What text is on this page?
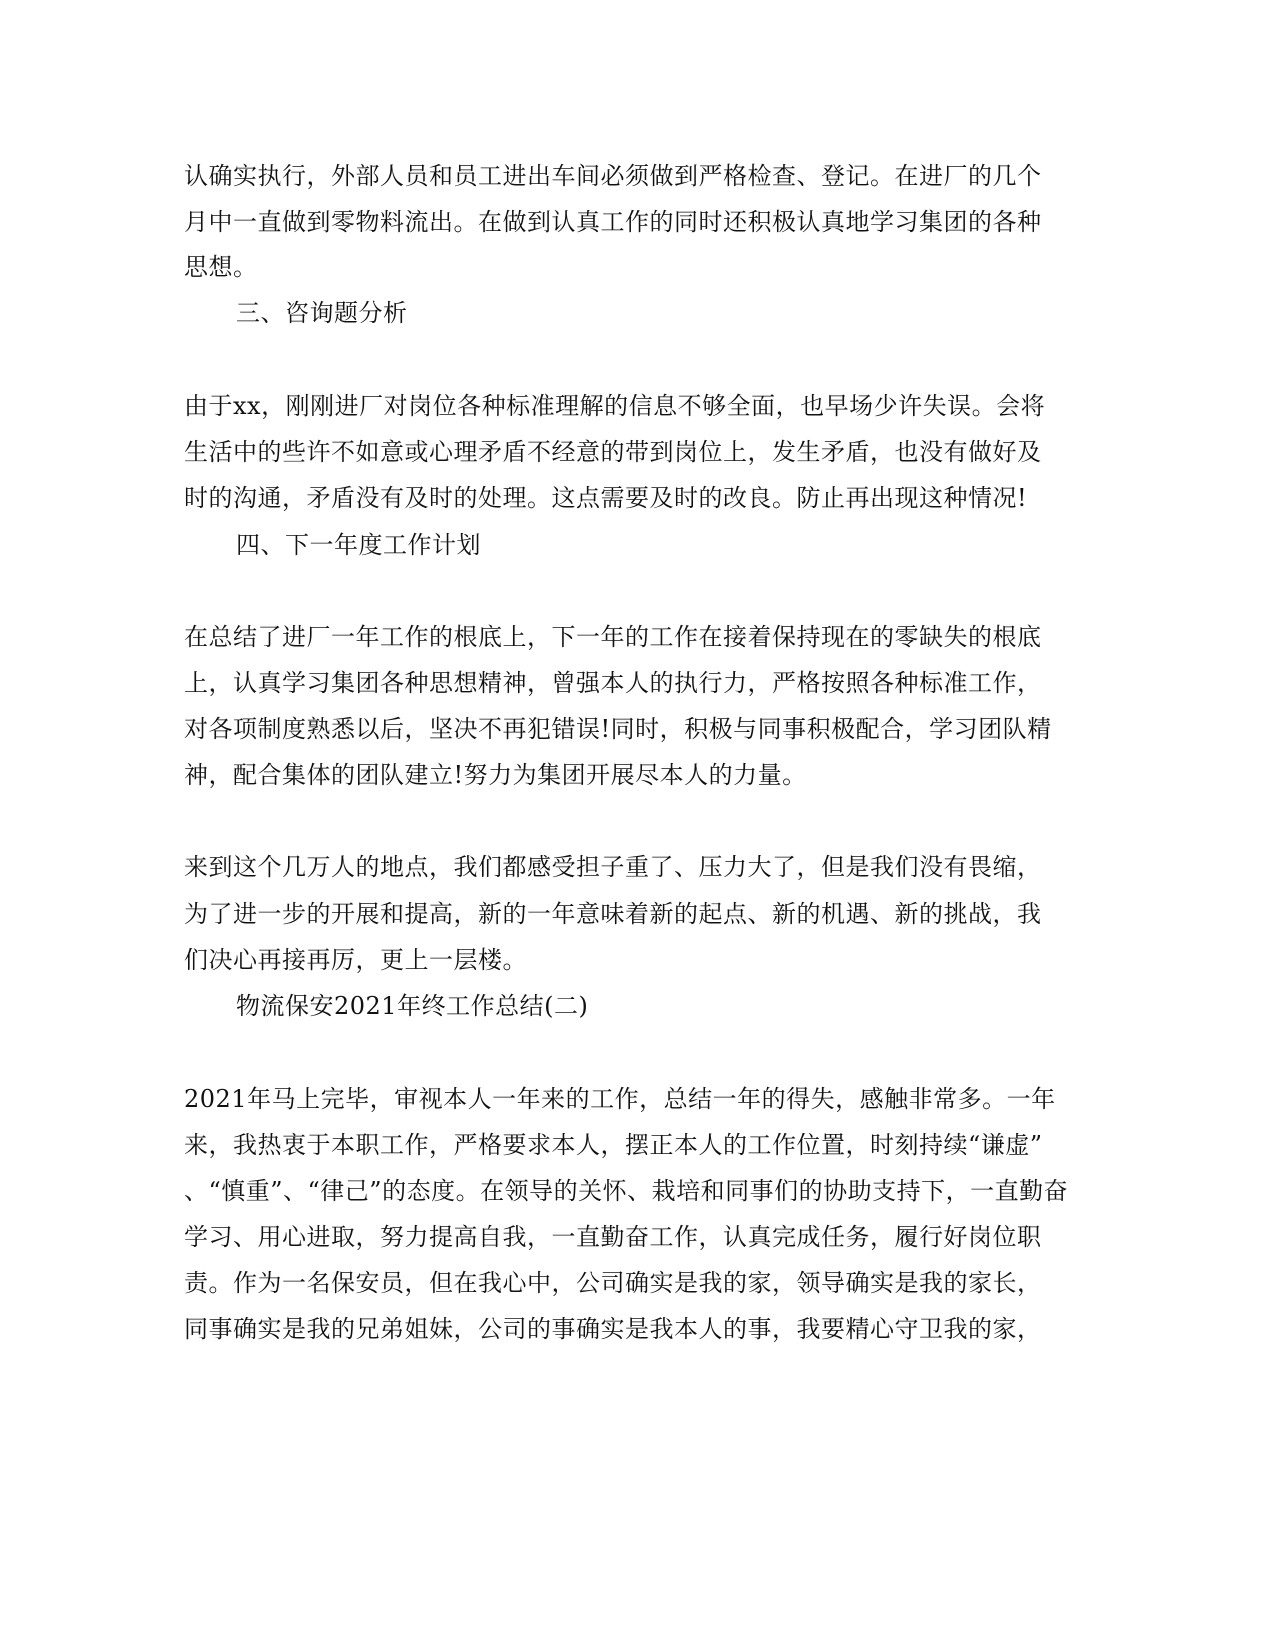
认确实执行，外部人员和员工进出车间必须做到严格检查、登记。在进厂的几个
月中一直做到零物料流出。在做到认真工作的同时还积极认真地学习集团的各种
思想。
三、咨询题分析
由于xx，刚刚进厂对岗位各种标准理解的信息不够全面，也早场少许失误。会将
生活中的些许不如意或心理矛盾不经意的带到岗位上，发生矛盾，也没有做好及
时的沟通，矛盾没有及时的处理。这点需要及时的改良。防止再出现这种情况!
四、下一年度工作计划
在总结了进厂一年工作的根底上，下一年的工作在接着保持现在的零缺失的根底
上，认真学习集团各种思想精神，曾强本人的执行力，严格按照各种标准工作，
对各项制度熟悉以后，坚决不再犯错误!同时，积极与同事积极配合，学习团队精
神，配合集体的团队建立!努力为集团开展尽本人的力量。
来到这个几万人的地点，我们都感受担子重了、压力大了，但是我们没有畏缩，
为了进一步的开展和提高，新的一年意味着新的起点、新的机遇、新的挑战，我
们决心再接再厉，更上一层楼。
物流保安2021年终工作总结(二)
2021年马上完毕，审视本人一年来的工作，总结一年的得失，感触非常多。一年
来，我热衷于本职工作，严格要求本人，摆正本人的工作位置，时刻持续“谦虚”
、“慎重”、“律己”的态度。在领导的关怀、栽培和同事们的协助支持下，一直勤奋
学习、用心进取，努力提高自我，一直勤奋工作，认真完成任务，履行好岗位职
责。作为一名保安员，但在我心中，公司确实是我的家，领导确实是我的家长，
同事确实是我的兄弟姐妹，公司的事确实是我本人的事，我要精心守卫我的家，
